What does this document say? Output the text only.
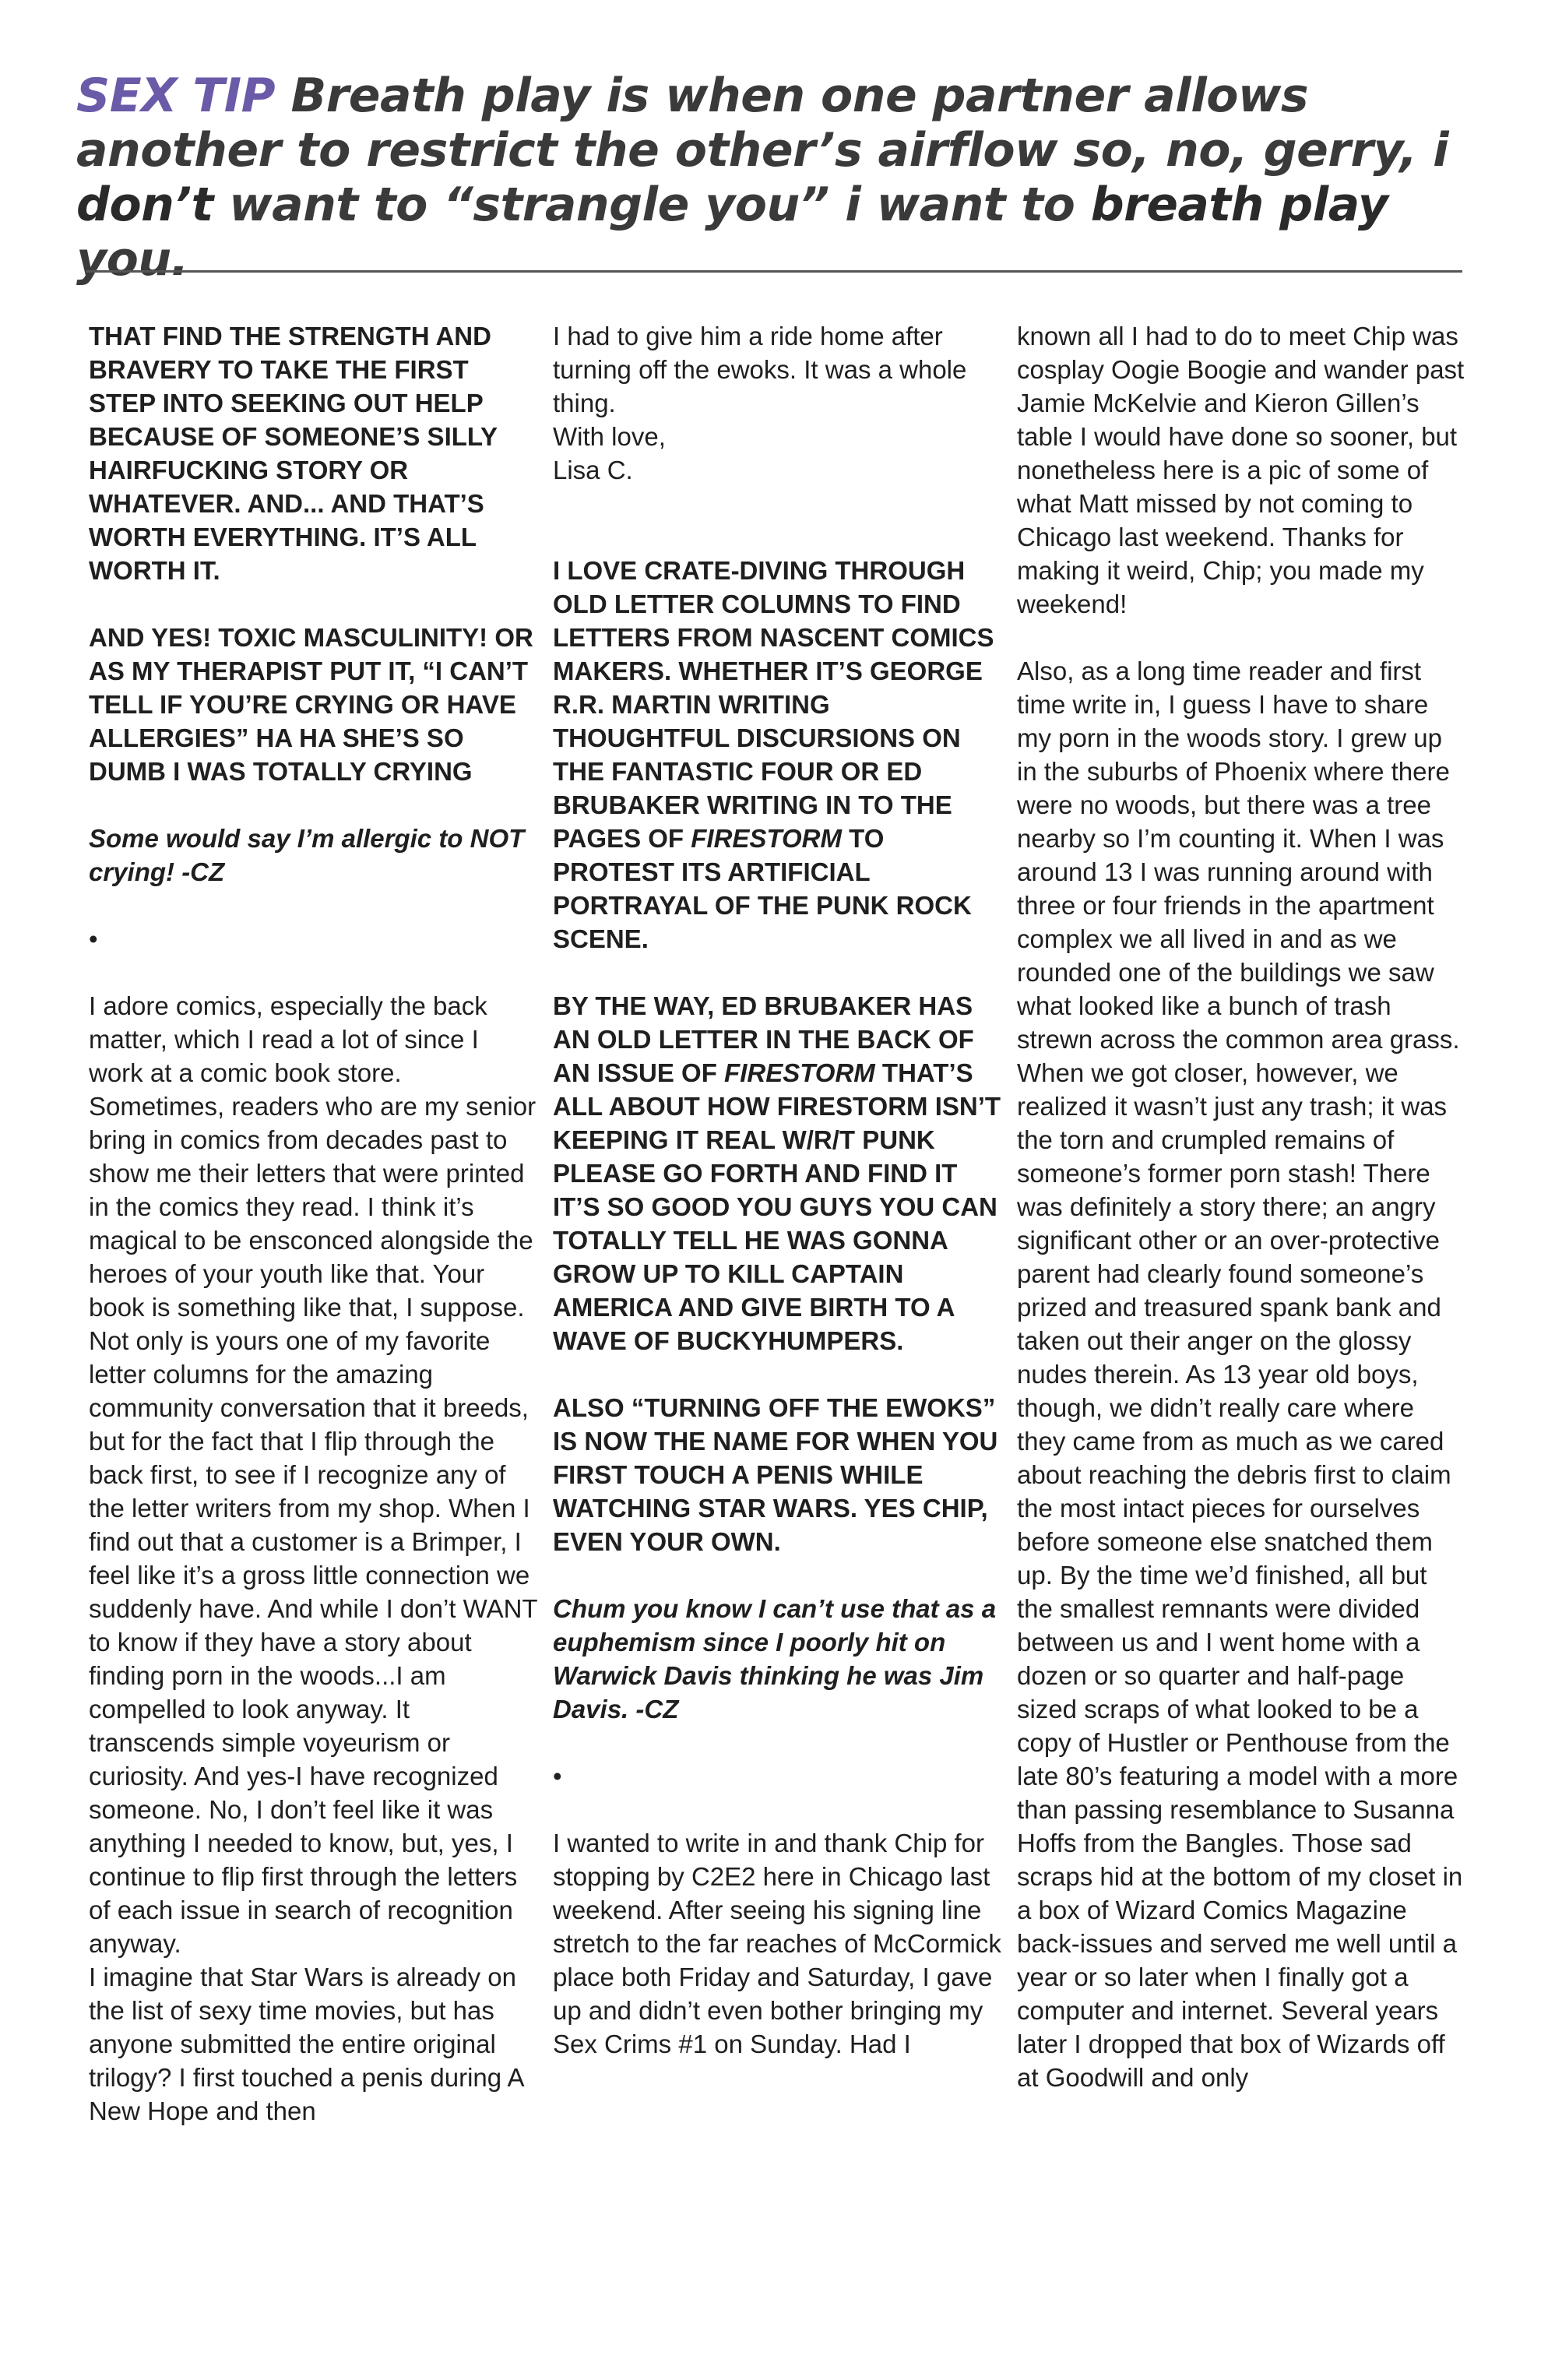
SEX TIP Breath play is when one partner allows another to restrict the other’s airflow so, no, gerry, i don’t want to “strangle you” i want to breath play you.

THAT FIND THE STRENGTH AND BRAVERY TO TAKE THE FIRST STEP INTO SEEKING OUT HELP BECAUSE OF SOMEONE’S SILLY HAIRFUCKING STORY OR WHATEVER. AND... AND THAT’S WORTH EVERYTHING. IT’S ALL WORTH IT.

AND YES! TOXIC MASCULINITY! OR AS MY THERAPIST PUT IT, “I CAN’T TELL IF YOU’RE CRYING OR HAVE ALLERGIES” HA HA SHE’S SO DUMB I WAS TOTALLY CRYING

Some would say I’m allergic to NOT crying! -CZ

•

I adore comics, especially the back matter, which I read a lot of since I work at a comic book store. Sometimes, readers who are my senior bring in comics from decades past to show me their letters that were printed in the comics they read. I think it’s magical to be ensconced alongside the heroes of your youth like that. Your book is something like that, I suppose.

Not only is yours one of my favorite letter columns for the amazing community conversation that it breeds, but for the fact that I flip through the back first, to see if I recognize any of the letter writers from my shop. When I find out that a customer is a Brimper, I feel like it’s a gross little connection we suddenly have. And while I don’t WANT to know if they have a story about finding porn in the woods...I am compelled to look anyway. It transcends simple voyeurism or curiosity. And yes-I have recognized someone. No, I don’t feel like it was anything I needed to know, but, yes, I continue to flip first through the letters of each issue in search of recognition anyway.

I imagine that Star Wars is already on the list of sexy time movies, but has anyone submitted the entire original trilogy? I first touched a penis during A New Hope and then

I had to give him a ride home after turning off the ewoks. It was a whole thing.

With love,

Lisa C.

I LOVE CRATE-DIVING THROUGH OLD LETTER COLUMNS TO FIND LETTERS FROM NASCENT COMICS MAKERS. WHETHER IT’S GEORGE R.R. MARTIN WRITING THOUGHTFUL DISCURSIONS ON THE FANTASTIC FOUR OR ED BRUBAKER WRITING IN TO THE PAGES OF FIRESTORM TO PROTEST ITS ARTIFICIAL PORTRAYAL OF THE PUNK ROCK SCENE.

BY THE WAY, ED BRUBAKER HAS AN OLD LETTER IN THE BACK OF AN ISSUE OF FIRESTORM THAT’S ALL ABOUT HOW FIRESTORM ISN’T KEEPING IT REAL W/R/T PUNK PLEASE GO FORTH AND FIND IT IT’S SO GOOD YOU GUYS YOU CAN TOTALLY TELL HE WAS GONNA GROW UP TO KILL CAPTAIN AMERICA AND GIVE BIRTH TO A WAVE OF BUCKYHUMPERS.

ALSO “TURNING OFF THE EWOKS” IS NOW THE NAME FOR WHEN YOU FIRST TOUCH A PENIS WHILE WATCHING STAR WARS. YES CHIP, EVEN YOUR OWN.

Chum you know I can’t use that as a euphemism since I poorly hit on Warwick Davis thinking he was Jim Davis. -CZ

•

I wanted to write in and thank Chip for stopping by C2E2 here in Chicago last weekend. After seeing his signing line stretch to the far reaches of McCormick place both Friday and Saturday, I gave up and didn’t even bother bringing my Sex Crims #1 on Sunday. Had I

known all I had to do to meet Chip was cosplay Oogie Boogie and wander past Jamie McKelvie and Kieron Gillen’s table I would have done so sooner, but nonetheless here is a pic of some of what Matt missed by not coming to Chicago last weekend. Thanks for making it weird, Chip; you made my weekend!

Also, as a long time reader and first time write in, I guess I have to share my porn in the woods story. I grew up in the suburbs of Phoenix where there were no woods, but there was a tree nearby so I’m counting it. When I was around 13 I was running around with three or four friends in the apartment complex we all lived in and as we rounded one of the buildings we saw what looked like a bunch of trash strewn across the common area grass. When we got closer, however, we realized it wasn’t just any trash; it was the torn and crumpled remains of someone’s former porn stash! There was definitely a story there; an angry significant other or an over-protective parent had clearly found someone’s prized and treasured spank bank and taken out their anger on the glossy nudes therein. As 13 year old boys, though, we didn’t really care where they came from as much as we cared about reaching the debris first to claim the most intact pieces for ourselves before someone else snatched them up. By the time we’d finished, all but the smallest remnants were divided between us and I went home with a dozen or so quarter and half-page sized scraps of what looked to be a copy of Hustler or Penthouse from the late 80’s featuring a model with a more than passing resemblance to Susanna Hoffs from the Bangles. Those sad scraps hid at the bottom of my closet in a box of Wizard Comics Magazine back-issues and served me well until a year or so later when I finally got a computer and internet. Several years later I dropped that box of Wizards off at Goodwill and only
